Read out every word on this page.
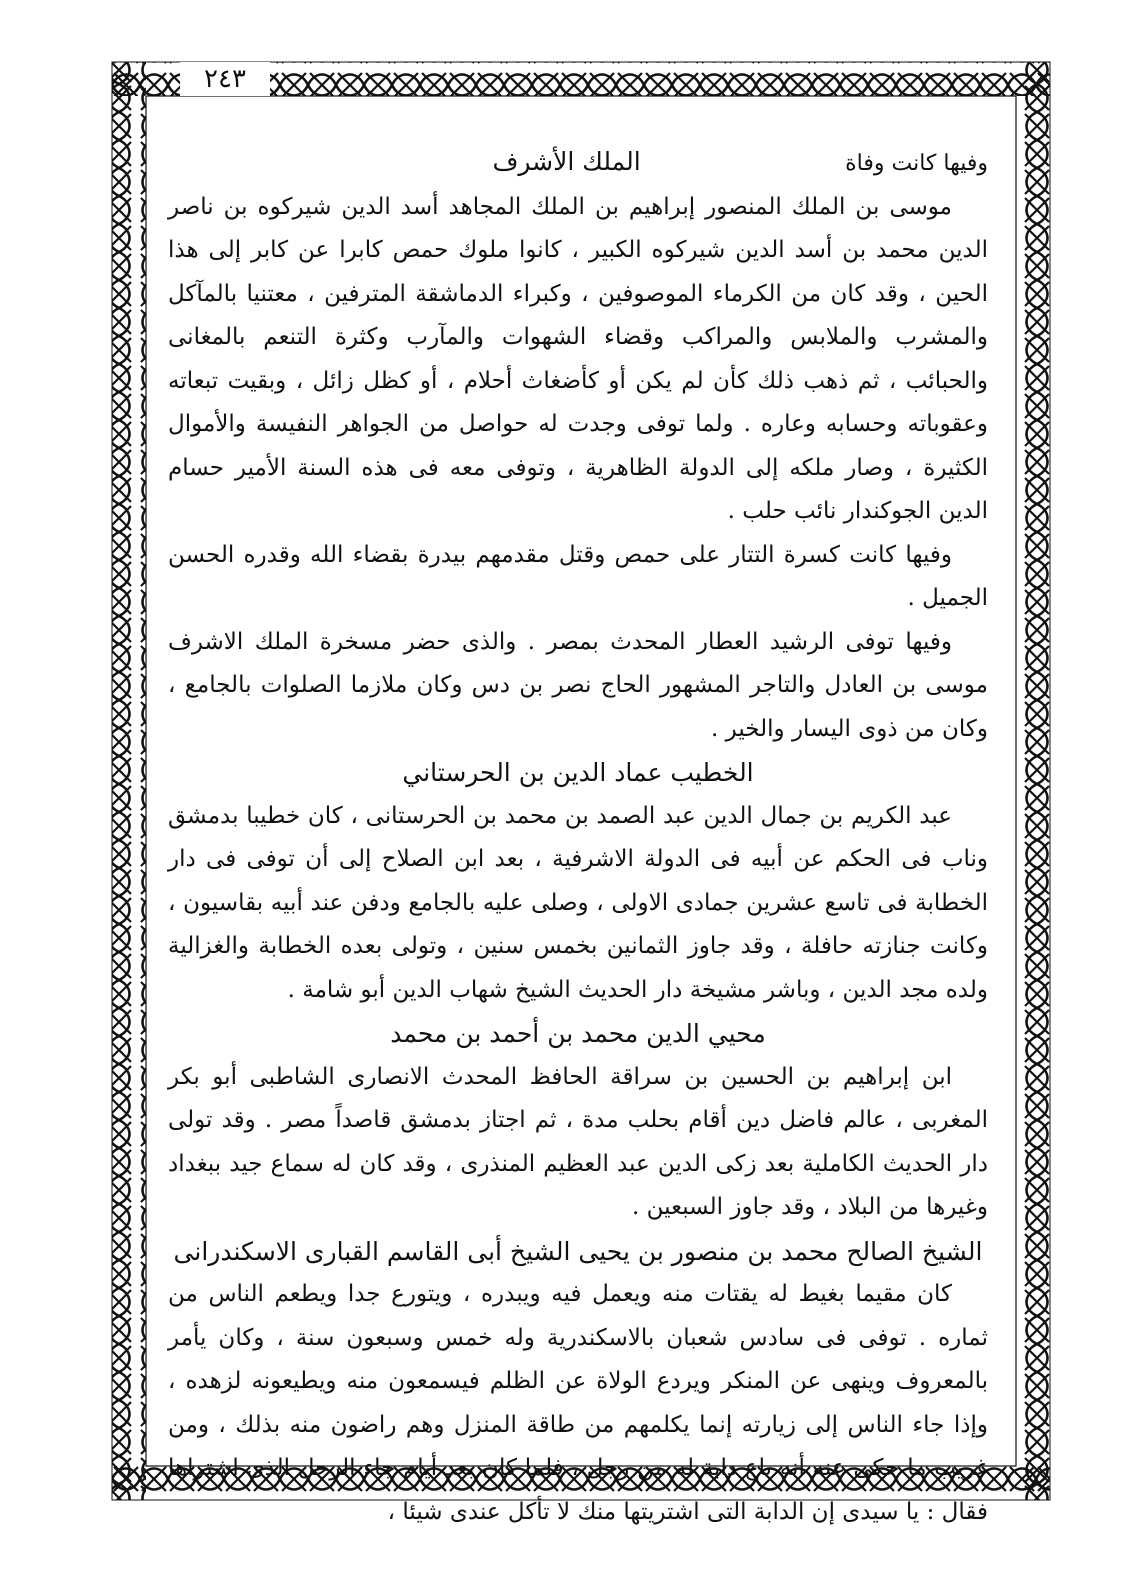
٢٤٣
وفيها كانت وفاة
الملك الأشرف

موسى بن الملك المنصور إبراهيم بن الملك المجاهد أسد الدين شيركوه بن ناصر الدين محمد بن أسد الدين شيركوه الكبير ، كانوا ملوك حمص كابرا عن كابر إلى هذا الحين ، وقد كان من الكرماء الموصوفين ، وكبراء الدماشقة المترفين ، معتنيا بالمآكل والمشرب والملابس والمراكب وقضاء الشهوات والمآرب وكثرة التنعم بالمغانى والحبائب ، ثم ذهب ذلك كأن لم يكن أو كأضغاث أحلام ، أو كظل زائل ، وبقيت تبعاته وعقوباته وحسابه وعاره . ولما توفى وجدت له حواصل من الجواهر النفيسة والأموال الكثيرة ، وصار ملكه إلى الدولة الظاهرية ، وتوفى معه فى هذه السنة الأمير حسام الدين الجوكندار نائب حلب .

وفيها كانت كسرة التتار على حمص وقتل مقدمهم بيدرة بقضاء الله وقدره الحسن الجميل .

وفيها توفى الرشيد العطار المحدث بمصر . والذى حضر مسخرة الملك الاشرف موسى بن العادل والتاجر المشهور الحاج نصر بن دس وكان ملازما الصلوات بالجامع ، وكان من ذوى اليسار والخير .

الخطيب عماد الدين بن الحرستاني

عبد الكريم بن جمال الدين عبد الصمد بن محمد بن الحرستانى ، كان خطيبا بدمشق وناب فى الحكم عن أبيه فى الدولة الاشرفية ، بعد ابن الصلاح إلى أن توفى فى دار الخطابة فى تاسع عشرين جمادى الاولى ، وصلى عليه بالجامع ودفن عند أبيه بقاسيون ، وكانت جنازته حافلة ، وقد جاوز الثمانين بخمس سنين ، وتولى بعده الخطابة والغزالية ولده مجد الدين ، وباشر مشيخة دار الحديث الشيخ شهاب الدين أبو شامة .

محيي الدين محمد بن أحمد بن محمد

ابن إبراهيم بن الحسين بن سراقة الحافظ المحدث الانصارى الشاطبى أبو بكر المغربى ، عالم فاضل دين أقام بحلب مدة ، ثم اجتاز بدمشق قاصداً مصر . وقد تولى دار الحديث الكاملية بعد زكى الدين عبد العظيم المنذرى ، وقد كان له سماع جيد ببغداد وغيرها من البلاد ، وقد جاوز السبعين .

الشيخ الصالح محمد بن منصور بن يحيى الشيخ أبى القاسم القبارى الاسكندرانى

كان مقيما بغيط له يقتات منه ويعمل فيه ويبدره ، ويتورع جدا ويطعم الناس من ثماره . توفى فى سادس شعبان بالاسكندرية وله خمس وسبعون سنة ، وكان يأمر بالمعروف وينهى عن المنكر ويردع الولاة عن الظلم فيسمعون منه ويطيعونه لزهده ، وإذا جاء الناس إلى زيارته إنما يكلمهم من طاقة المنزل وهم راضون منه بذلك ، ومن غريب ما حكى عنه أنه باع دابة له من رجل ، فلما كان بعد أيام جاء الرجل الذى اشتراها فقال : يا سيدى إن الدابة التى اشتريتها منك لا تأكل عندى شيئا ،
